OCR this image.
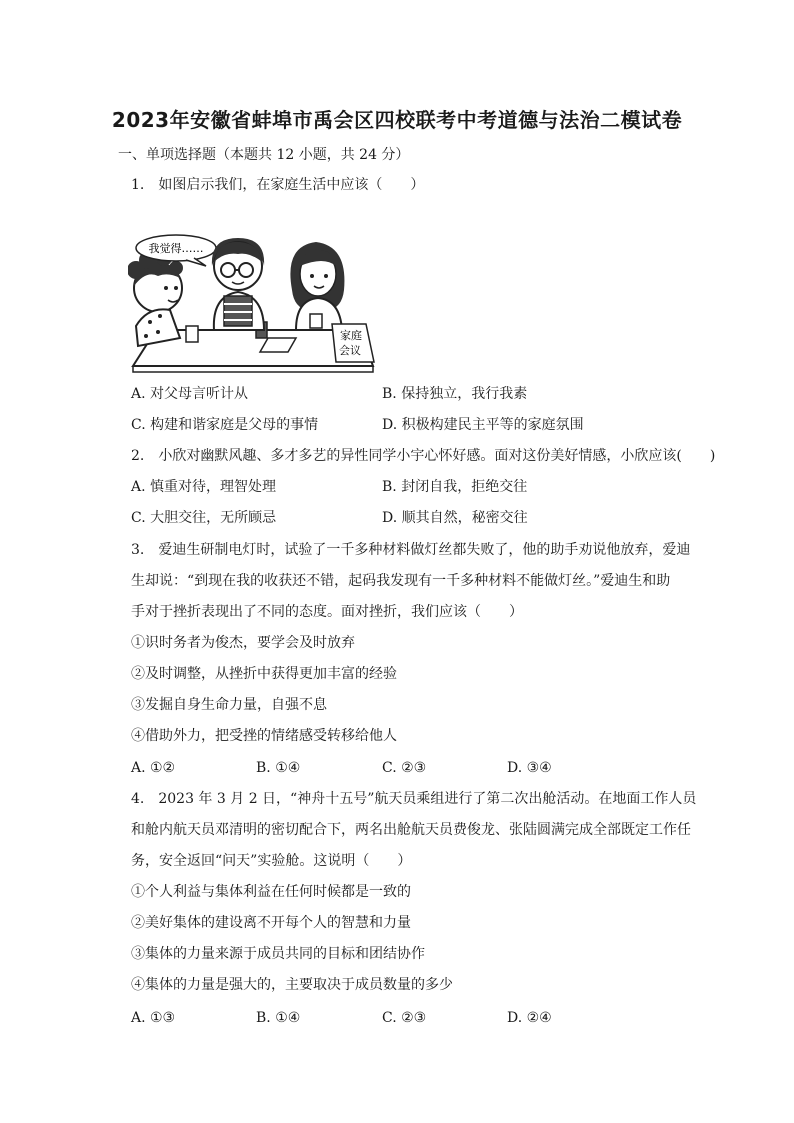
2023年安徽省蚌埠市禹会区四校联考中考道德与法治二模试卷
一、单项选择题（本题共 12 小题，共 24 分）
1.　如图启示我们，在家庭生活中应该（　　）
我觉得……
家庭
会议
A. 对父母言听计从	B. 保持独立，我行我素
C. 构建和谐家庭是父母的事情	D. 积极构建民主平等的家庭氛围
2.　小欣对幽默风趣、多才多艺的异性同学小宇心怀好感。面对这份美好情感，小欣应该(　　)
A. 慎重对待，理智处理	B. 封闭自我，拒绝交往
C. 大胆交往，无所顾忌	D. 顺其自然，秘密交往
3.　爱迪生研制电灯时，试验了一千多种材料做灯丝都失败了，他的助手劝说他放弃，爱迪
生却说：“到现在我的收获还不错，起码我发现有一千多种材料不能做灯丝。”爱迪生和助
手对于挫折表现出了不同的态度。面对挫折，我们应该（　　）
①识时务者为俊杰，要学会及时放弃
②及时调整，从挫折中获得更加丰富的经验
③发掘自身生命力量，自强不息
④借助外力，把受挫的情绪感受转移给他人
A. ①②	B. ①④	C. ②③	D. ③④
4.　2023 年 3 月 2 日，“神舟十五号”航天员乘组进行了第二次出舱活动。在地面工作人员
和舱内航天员邓清明的密切配合下，两名出舱航天员费俊龙、张陆圆满完成全部既定工作任
务，安全返回“问天”实验舱。这说明（　　）
①个人利益与集体利益在任何时候都是一致的
②美好集体的建设离不开每个人的智慧和力量
③集体的力量来源于成员共同的目标和团结协作
④集体的力量是强大的，主要取决于成员数量的多少
A. ①③	B. ①④	C. ②③	D. ②④
